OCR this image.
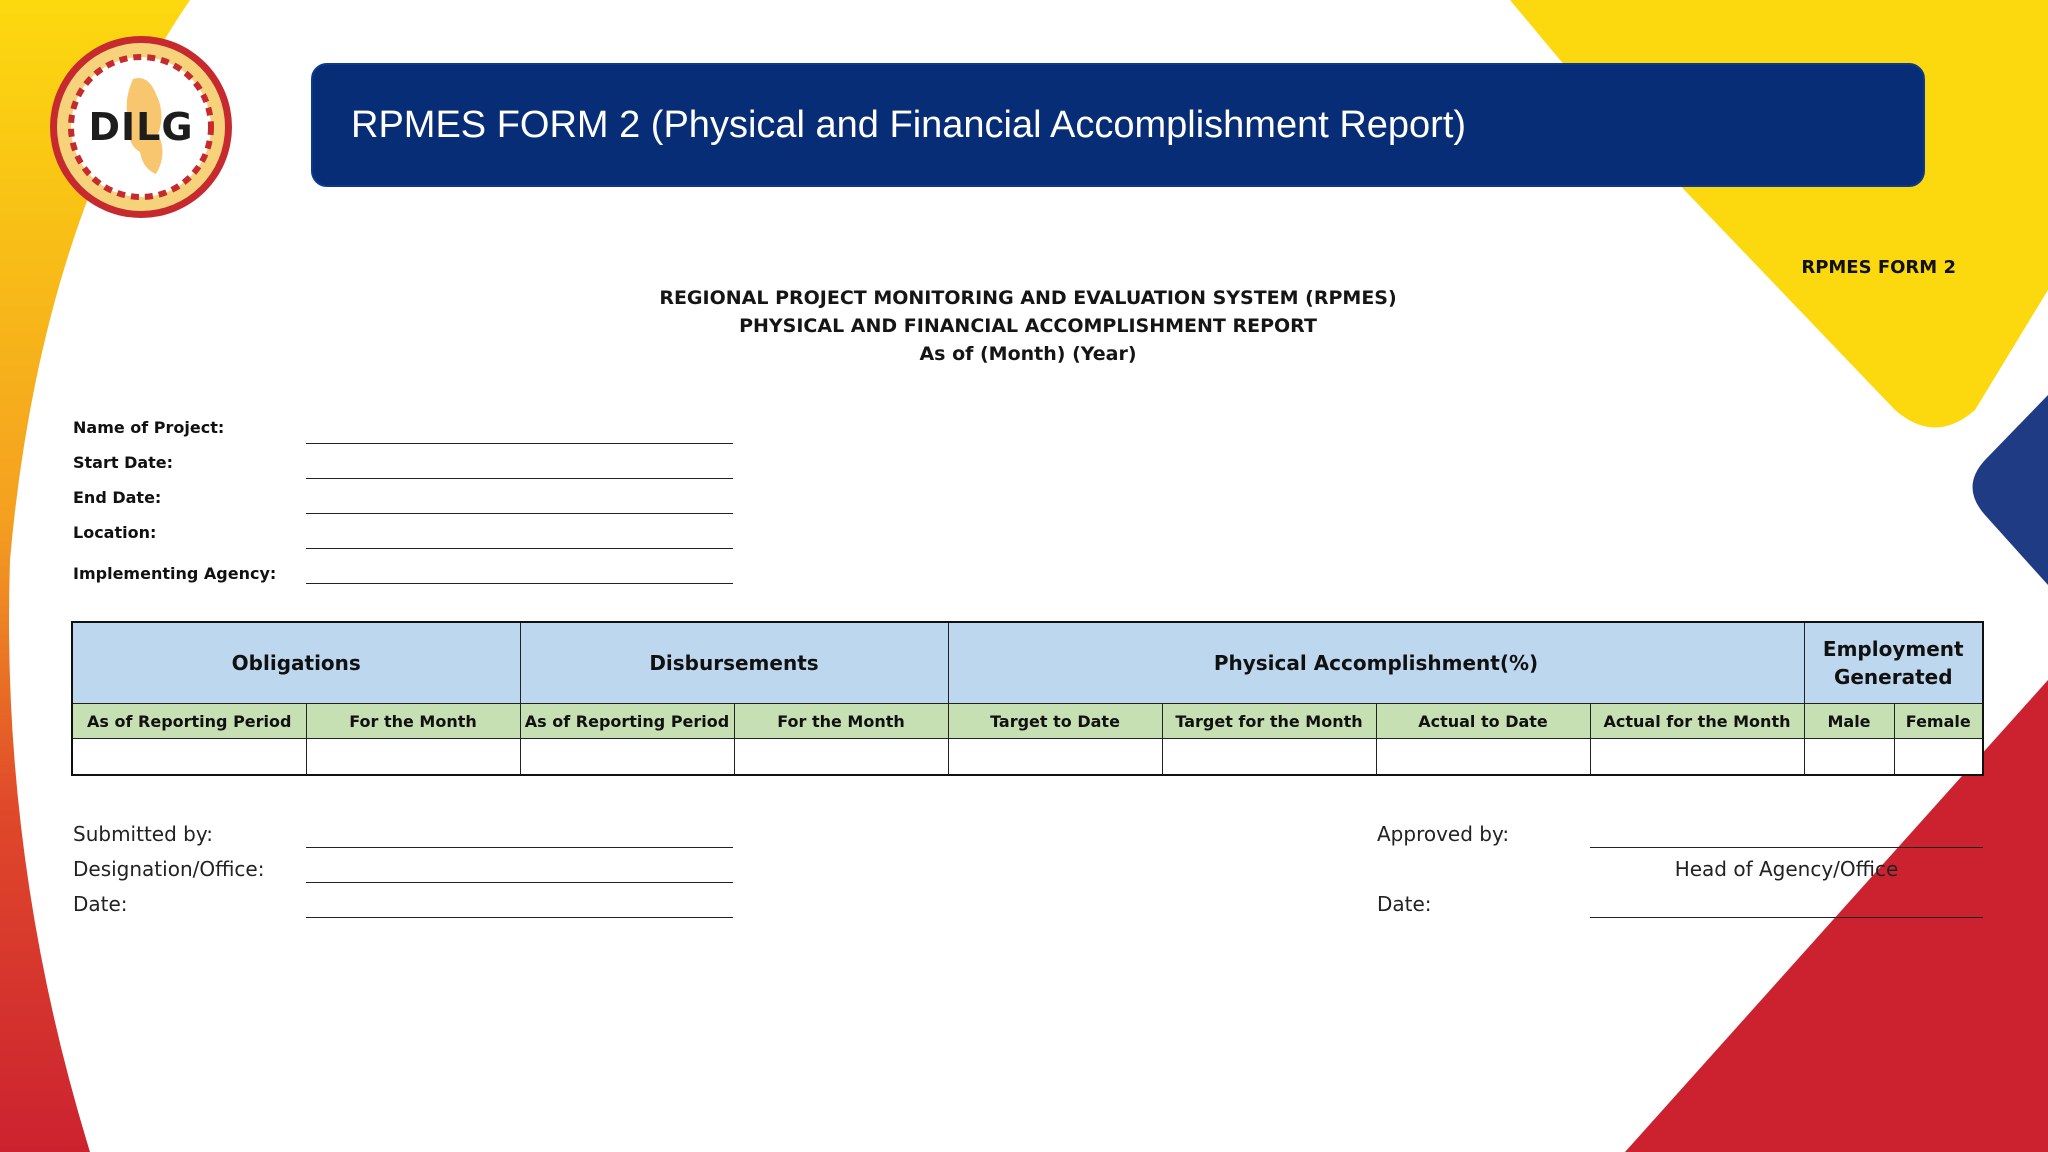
DILG	RPMES FORM 2 (Physical and Financial Accomplishment Report)
RPMES FORM 2
REGIONAL PROJECT MONITORING AND EVALUATION SYSTEM (RPMES)
PHYSICAL AND FINANCIAL ACCOMPLISHMENT REPORT
As of (Month) (Year)
Name of Project:
Start Date:
End Date:
Location:
Implementing Agency:
Obligations		Disbursements		Physical Accomplishment(%)				Employment Generated	
As of Reporting Period	For the Month	As of Reporting Period	For the Month	Target to Date	Target for the Month	Actual to Date	Actual for the Month	Male	Female

Submitted by:
Designation/Office:
Date:
Approved by:
Head of Agency/Office
Date:
